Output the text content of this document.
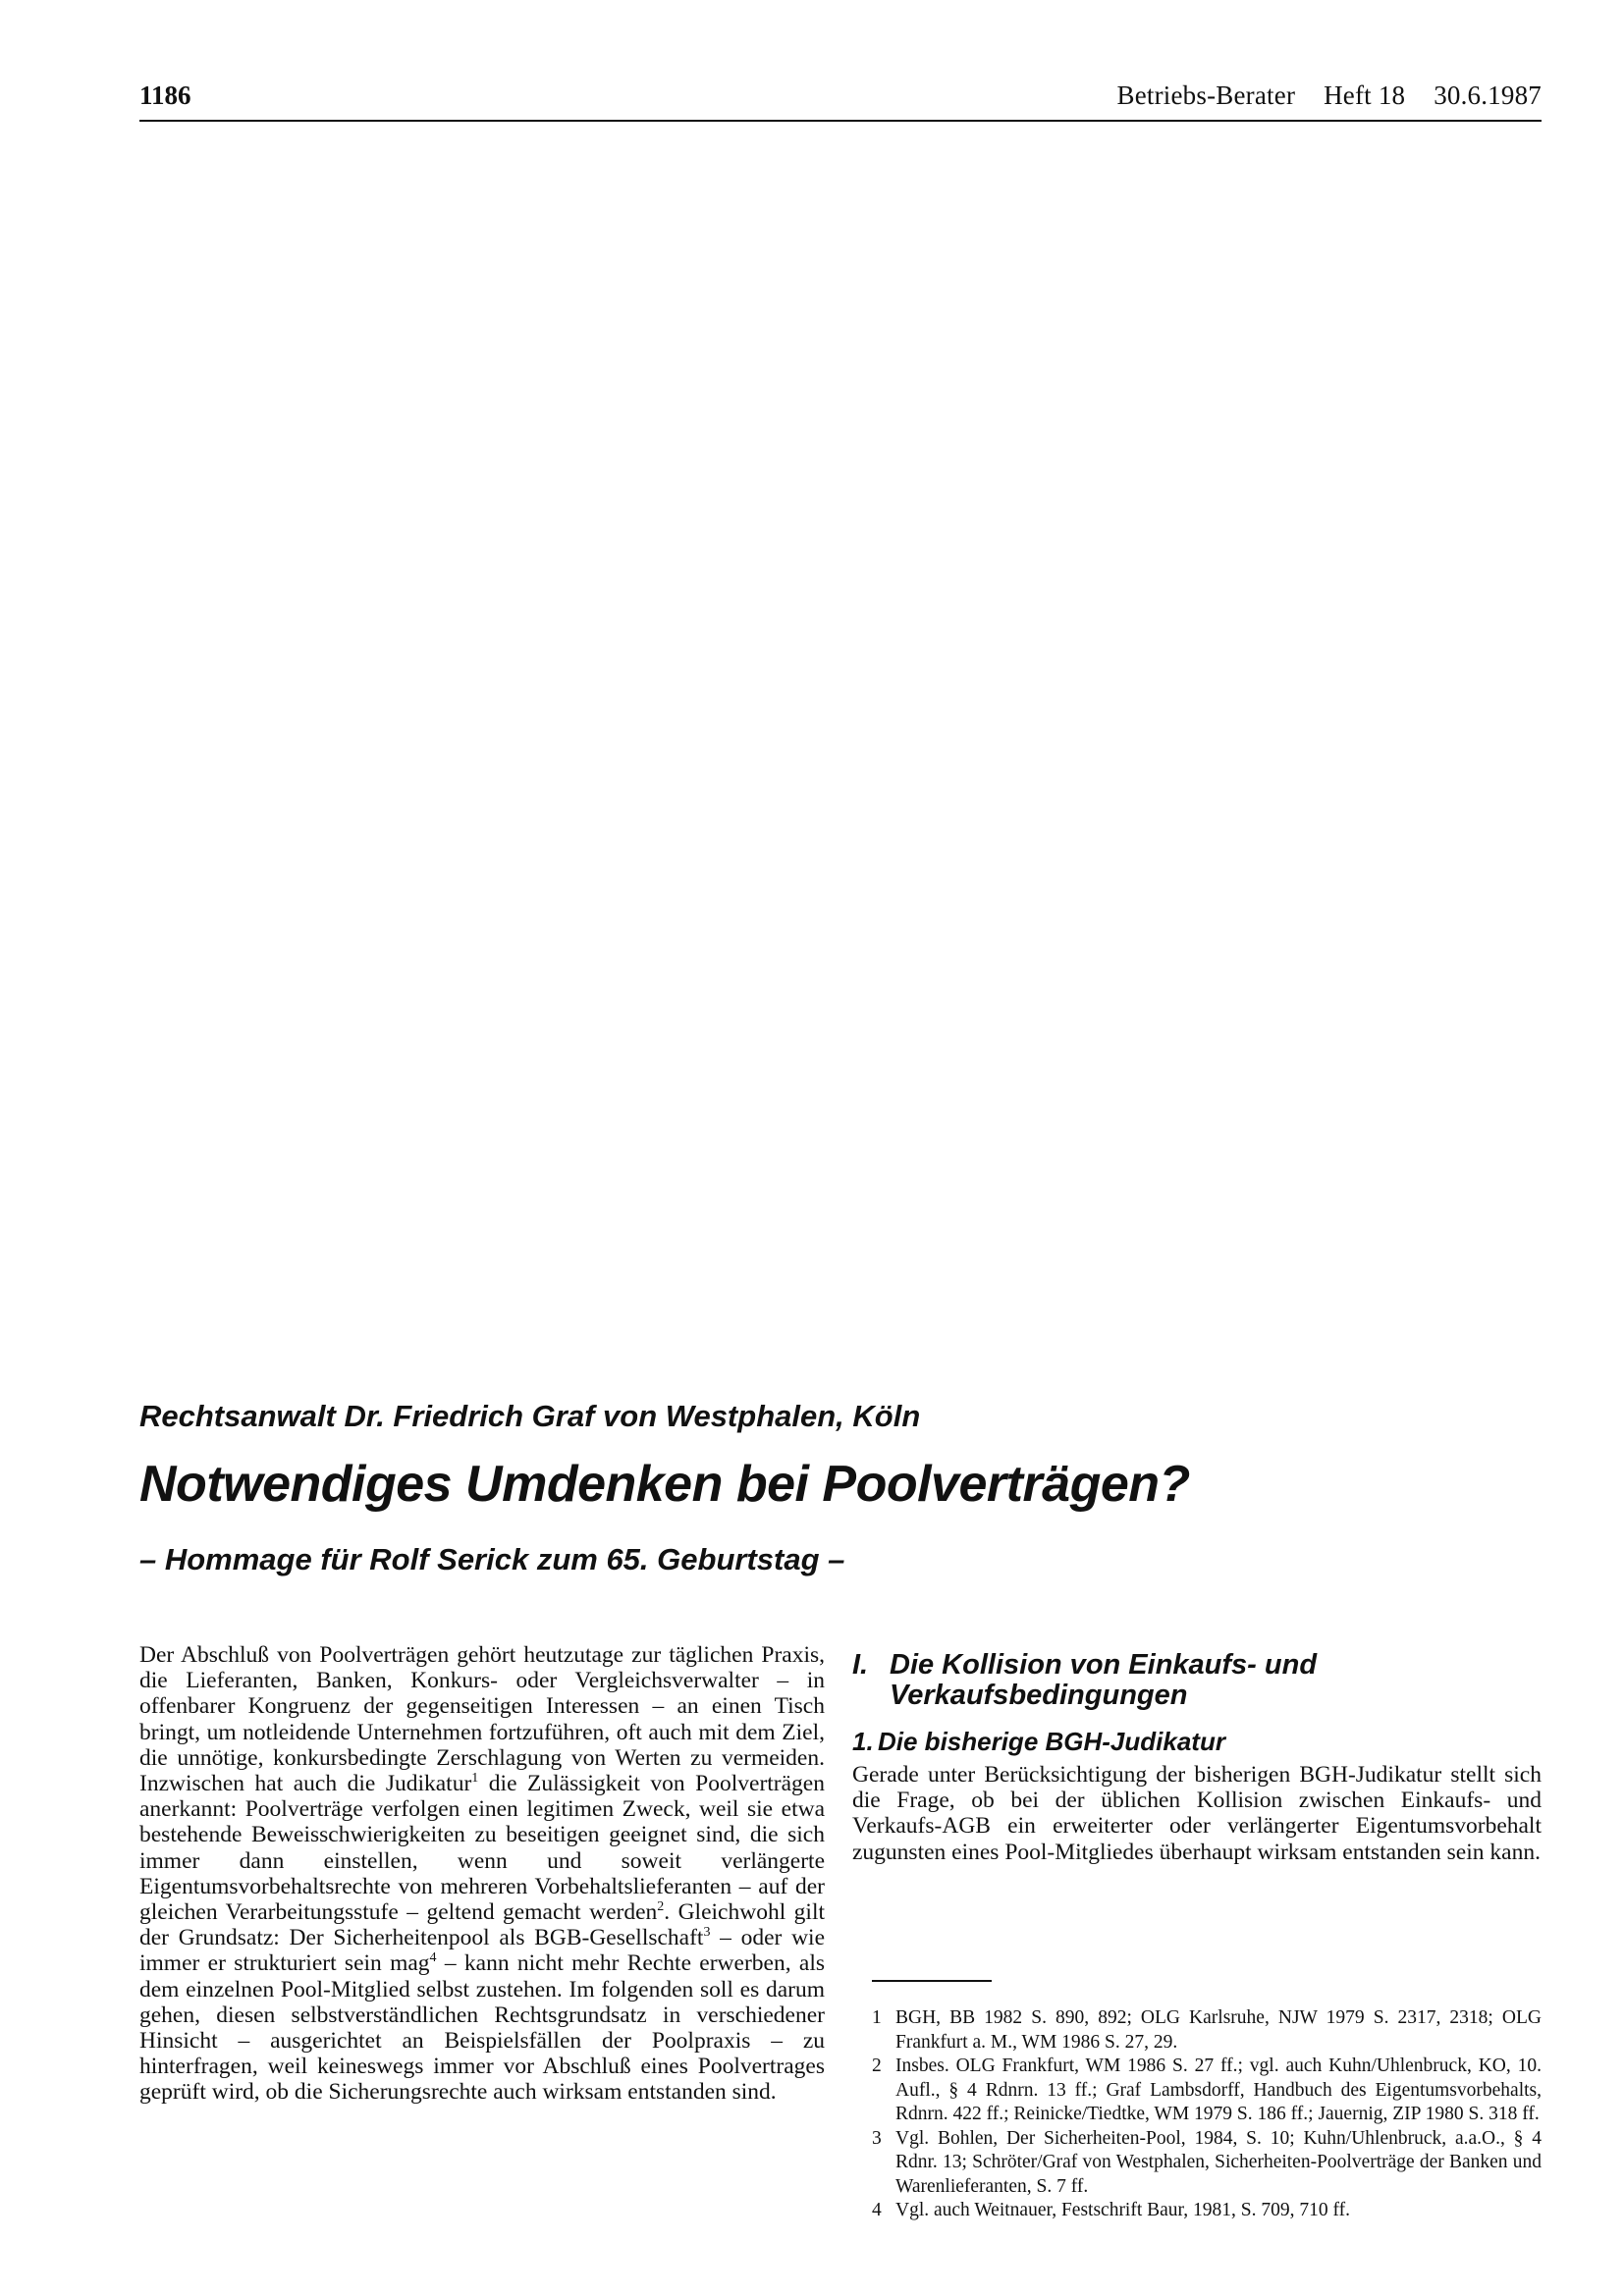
1186	Betriebs-Berater Heft 18 30.6.1987
Rechtsanwalt Dr. Friedrich Graf von Westphalen, Köln
Notwendiges Umdenken bei Poolverträgen?
– Hommage für Rolf Serick zum 65. Geburtstag –

Der Abschluß von Poolverträgen gehört heutzutage zur täglichen Praxis, die Lieferanten, Banken, Konkurs- oder Vergleichsverwalter – in offenbarer Kongruenz der gegenseitigen Interessen – an einen Tisch bringt, um notleidende Unternehmen fortzuführen, oft auch mit dem Ziel, die unnötige, konkursbedingte Zerschlagung von Werten zu vermeiden. Inzwischen hat auch die Judikatur$^1$ die Zulässigkeit von Poolverträgen anerkannt: Poolverträge verfolgen einen legitimen Zweck, weil sie etwa bestehende Beweisschwierigkeiten zu beseitigen geeignet sind, die sich immer dann einstellen, wenn und soweit verlängerte Eigentumsvorbehaltsrechte von mehreren Vorbehaltslieferanten – auf der gleichen Verarbeitungsstufe – geltend gemacht werden$^2$. Gleichwohl gilt der Grundsatz: Der Sicherheitenpool als BGB-Gesellschaft$^3$ – oder wie immer er strukturiert sein mag$^4$ – kann nicht mehr Rechte erwerben, als dem einzelnen Pool-Mitglied selbst zustehen. Im folgenden soll es darum gehen, diesen selbstverständlichen Rechtsgrundsatz in verschiedener Hinsicht – ausgerichtet an Beispielsfällen der Poolpraxis – zu hinterfragen, weil keineswegs immer vor Abschluß eines Poolvertrages geprüft wird, ob die Sicherungsrechte auch wirksam entstanden sind.

I. Die Kollision von Einkaufs- und Verkaufsbedingungen
1. Die bisherige BGH-Judikatur

Gerade unter Berücksichtigung der bisherigen BGH-Judikatur stellt sich die Frage, ob bei der üblichen Kollision zwischen Einkaufs- und Verkaufs-AGB ein erweiterter oder verlängerter Eigentumsvorbehalt zugunsten eines Pool-Mitgliedes überhaupt wirksam entstanden sein kann.

1 BGH, BB 1982 S. 890, 892; OLG Karlsruhe, NJW 1979 S. 2317, 2318; OLG Frankfurt a. M., WM 1986 S. 27, 29.
2 Insbes. OLG Frankfurt, WM 1986 S. 27 ff.; vgl. auch Kuhn/Uhlenbruck, KO, 10. Aufl., § 4 Rdnrn. 13 ff.; Graf Lambsdorff, Handbuch des Eigentumsvorbehalts, Rdnrn. 422 ff.; Reinicke/Tiedtke, WM 1979 S. 186 ff.; Jauernig, ZIP 1980 S. 318 ff.
3 Vgl. Bohlen, Der Sicherheiten-Pool, 1984, S. 10; Kuhn/Uhlenbruck, a.a.O., § 4 Rdnr. 13; Schröter/Graf von Westphalen, Sicherheiten-Poolverträge der Banken und Warenlieferanten, S. 7 ff.
4 Vgl. auch Weitnauer, Festschrift Baur, 1981, S. 709, 710 ff.
